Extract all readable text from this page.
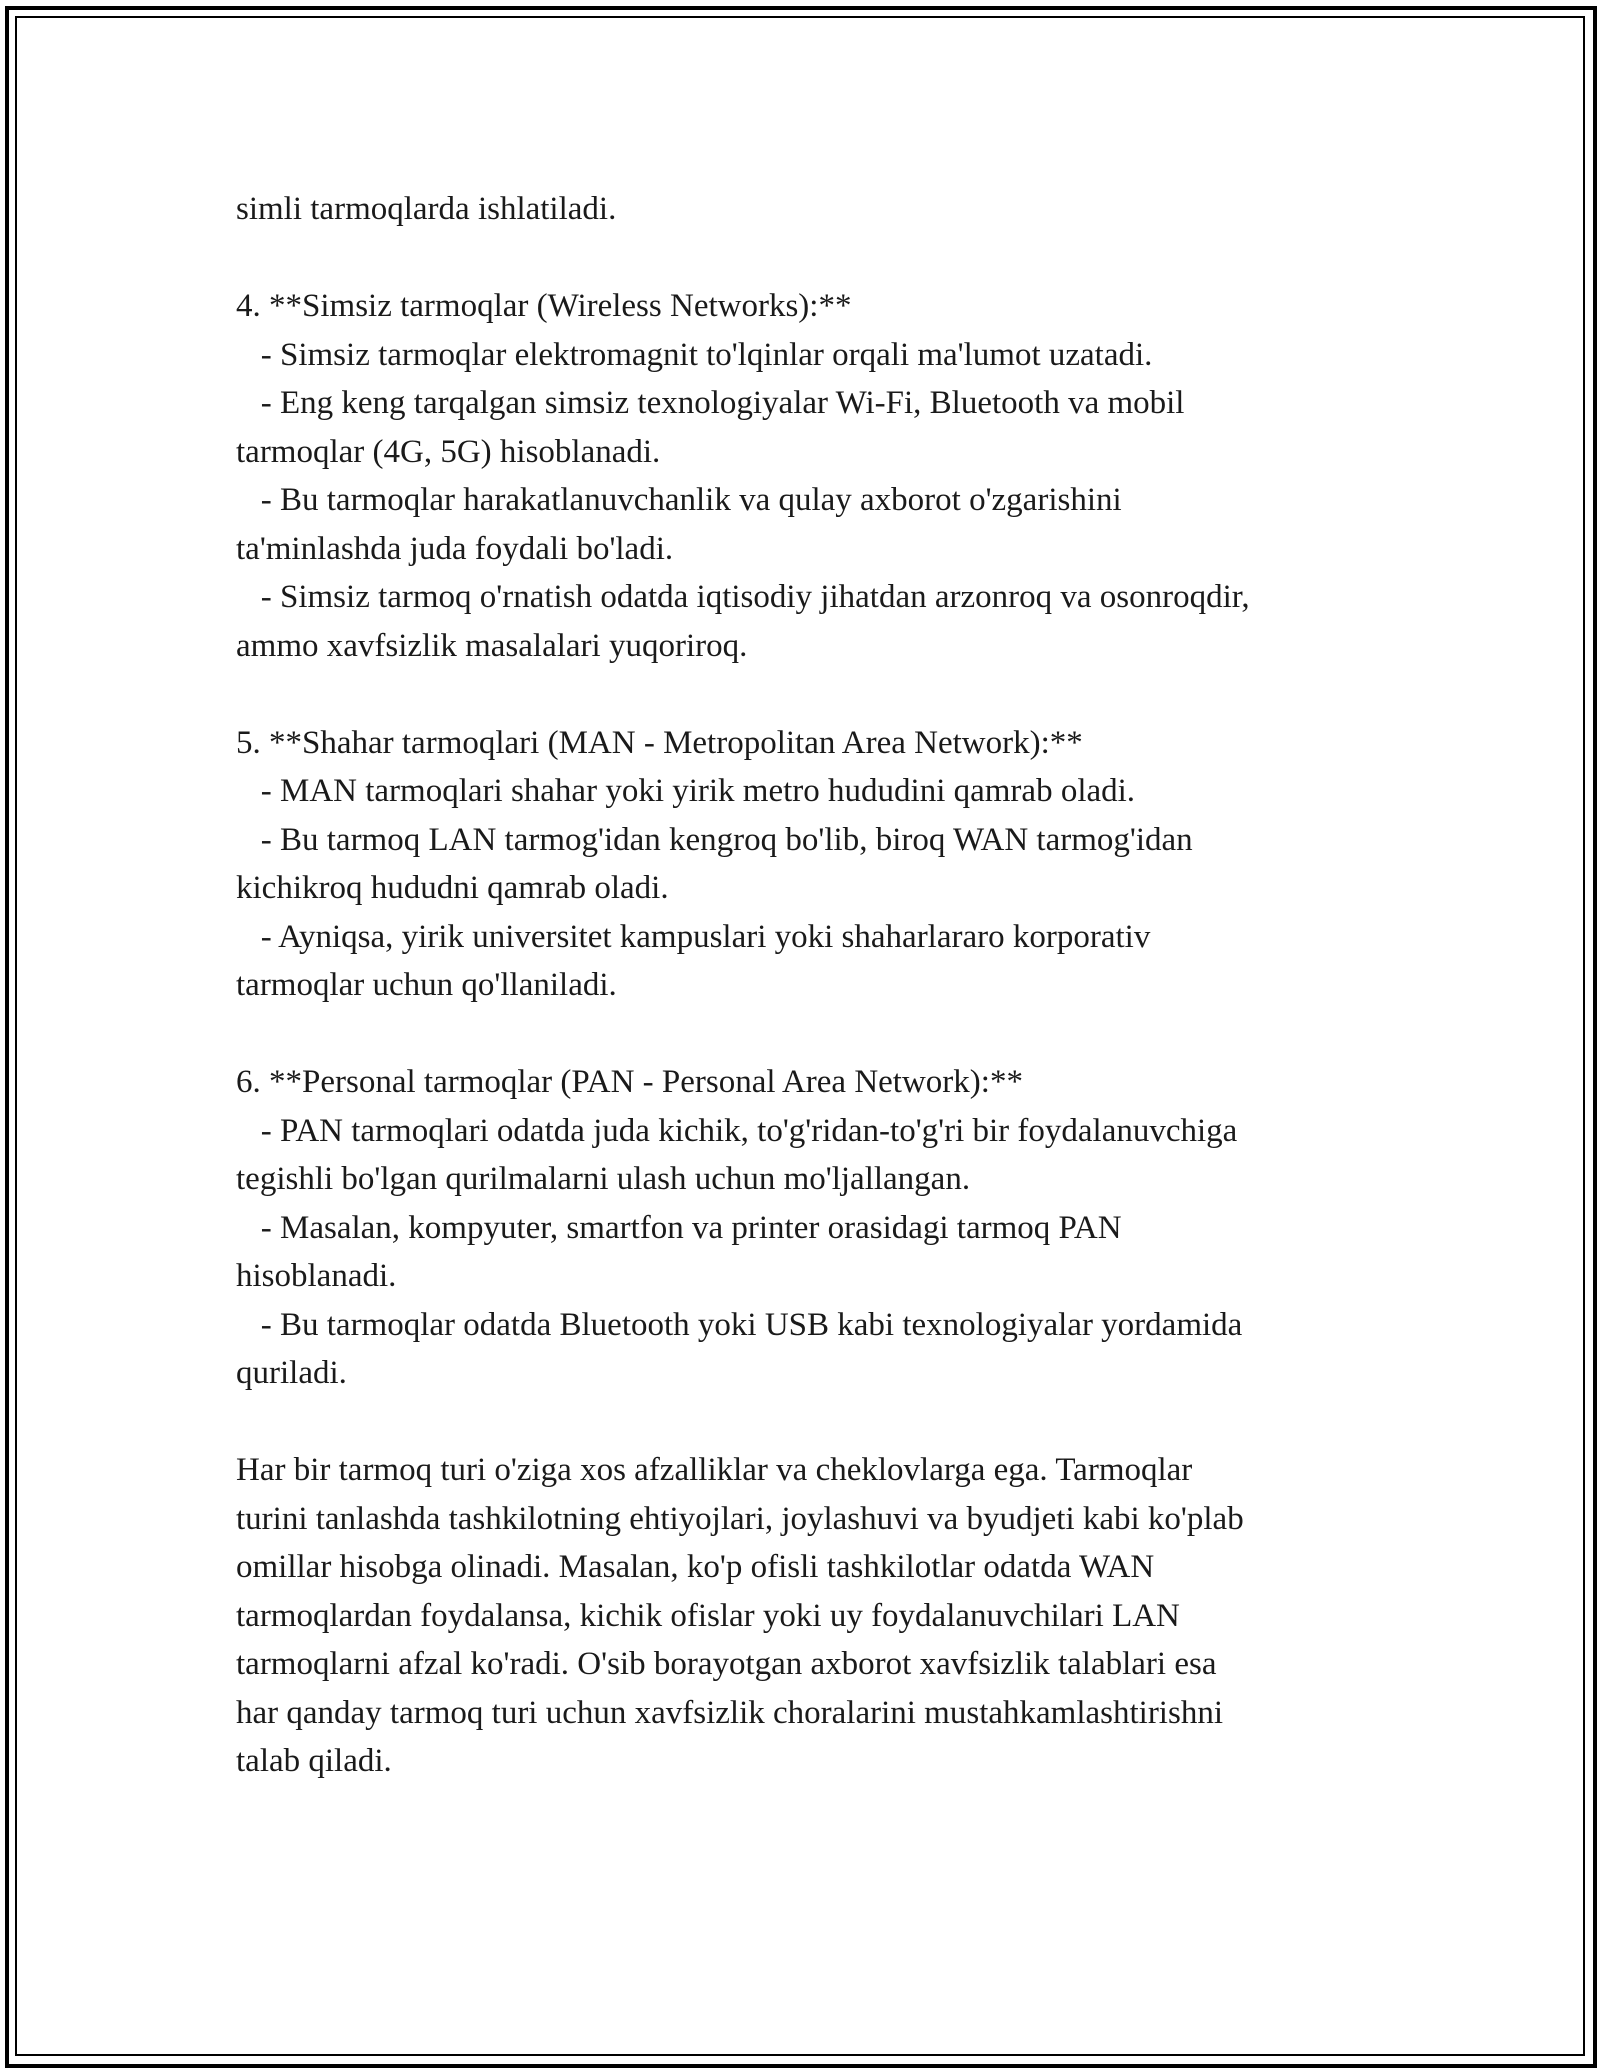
simli tarmoqlarda ishlatiladi.
4. **Simsiz tarmoqlar (Wireless Networks):**
- Simsiz tarmoqlar elektromagnit to'lqinlar orqali ma'lumot uzatadi.
- Eng keng tarqalgan simsiz texnologiyalar Wi-Fi, Bluetooth va mobil
tarmoqlar (4G, 5G) hisoblanadi.
- Bu tarmoqlar harakatlanuvchanlik va qulay axborot o'zgarishini
ta'minlashda juda foydali bo'ladi.
- Simsiz tarmoq o'rnatish odatda iqtisodiy jihatdan arzonroq va osonroqdir,
ammo xavfsizlik masalalari yuqoriroq.
5. **Shahar tarmoqlari (MAN - Metropolitan Area Network):**
- MAN tarmoqlari shahar yoki yirik metro hududini qamrab oladi.
- Bu tarmoq LAN tarmog'idan kengroq bo'lib, biroq WAN tarmog'idan
kichikroq hududni qamrab oladi.
- Ayniqsa, yirik universitet kampuslari yoki shaharlararo korporativ
tarmoqlar uchun qo'llaniladi.
6. **Personal tarmoqlar (PAN - Personal Area Network):**
- PAN tarmoqlari odatda juda kichik, to'g'ridan-to'g'ri bir foydalanuvchiga
tegishli bo'lgan qurilmalarni ulash uchun mo'ljallangan.
- Masalan, kompyuter, smartfon va printer orasidagi tarmoq PAN
hisoblanadi.
- Bu tarmoqlar odatda Bluetooth yoki USB kabi texnologiyalar yordamida
quriladi.
Har bir tarmoq turi o'ziga xos afzalliklar va cheklovlarga ega. Tarmoqlar
turini tanlashda tashkilotning ehtiyojlari, joylashuvi va byudjeti kabi ko'plab
omillar hisobga olinadi. Masalan, ko'p ofisli tashkilotlar odatda WAN
tarmoqlardan foydalansa, kichik ofislar yoki uy foydalanuvchilari LAN
tarmoqlarni afzal ko'radi. O'sib borayotgan axborot xavfsizlik talablari esa
har qanday tarmoq turi uchun xavfsizlik choralarini mustahkamlashtirishni
talab qiladi.
